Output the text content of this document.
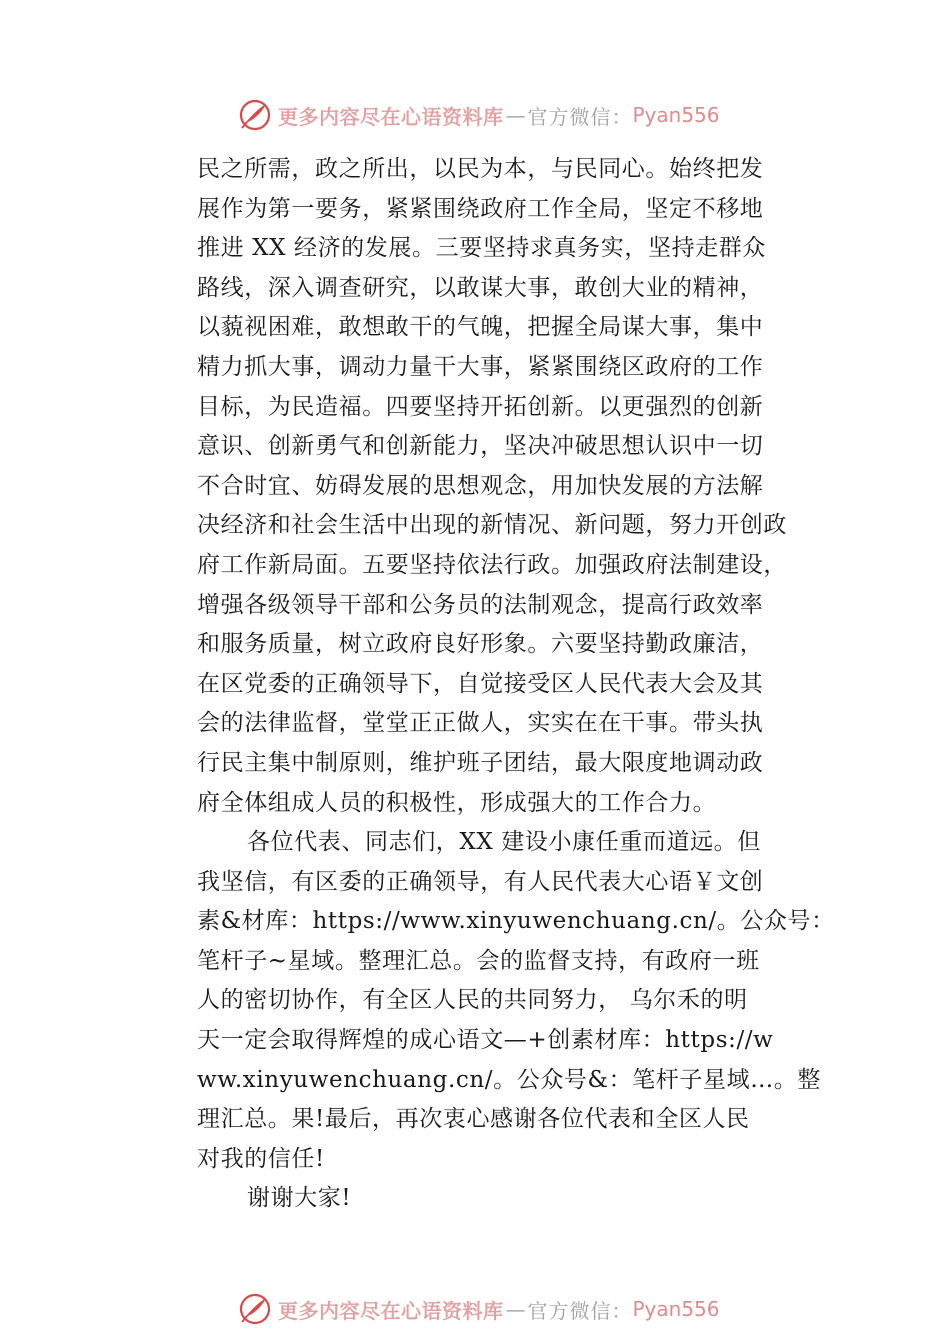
更多内容尽在心语资料库 — 官方微信： Pyan556
民之所需，政之所出，以民为本，与民同心。始终把发
展作为第一要务，紧紧围绕政府工作全局，坚定不移地
推进 XX 经济的发展。三要坚持求真务实，坚持走群众
路线，深入调查研究，以敢谋大事，敢创大业的精神，
以藐视困难，敢想敢干的气魄，把握全局谋大事，集中
精力抓大事，调动力量干大事，紧紧围绕区政府的工作
目标，为民造福。四要坚持开拓创新。以更强烈的创新
意识、创新勇气和创新能力，坚决冲破思想认识中一切
不合时宜、妨碍发展的思想观念，用加快发展的方法解
决经济和社会生活中出现的新情况、新问题，努力开创政
府工作新局面。五要坚持依法行政。加强政府法制建设，
增强各级领导干部和公务员的法制观念，提高行政效率
和服务质量，树立政府良好形象。六要坚持勤政廉洁，
在区党委的正确领导下，自觉接受区人民代表大会及其
会的法律监督，堂堂正正做人，实实在在干事。带头执
行民主集中制原则，维护班子团结，最大限度地调动政
府全体组成人员的积极性，形成强大的工作合力。
各位代表、同志们，XX 建设小康任重而道远。但
我坚信，有区委的正确领导，有人民代表大心语￥文创
素&材库：https://www.xinyuwenchuang.cn/。公众号：
笔杆子~星域。整理汇总。会的监督支持，有政府一班
人的密切协作，有全区人民的共同努力， 乌尔禾的明
天一定会取得辉煌的成心语文—+创素材库：https://w
ww.xinyuwenchuang.cn/。公众号&：笔杆子星域…。整
理汇总。果!最后，再次衷心感谢各位代表和全区人民
对我的信任!
谢谢大家!
更多内容尽在心语资料库 — 官方微信： Pyan556
